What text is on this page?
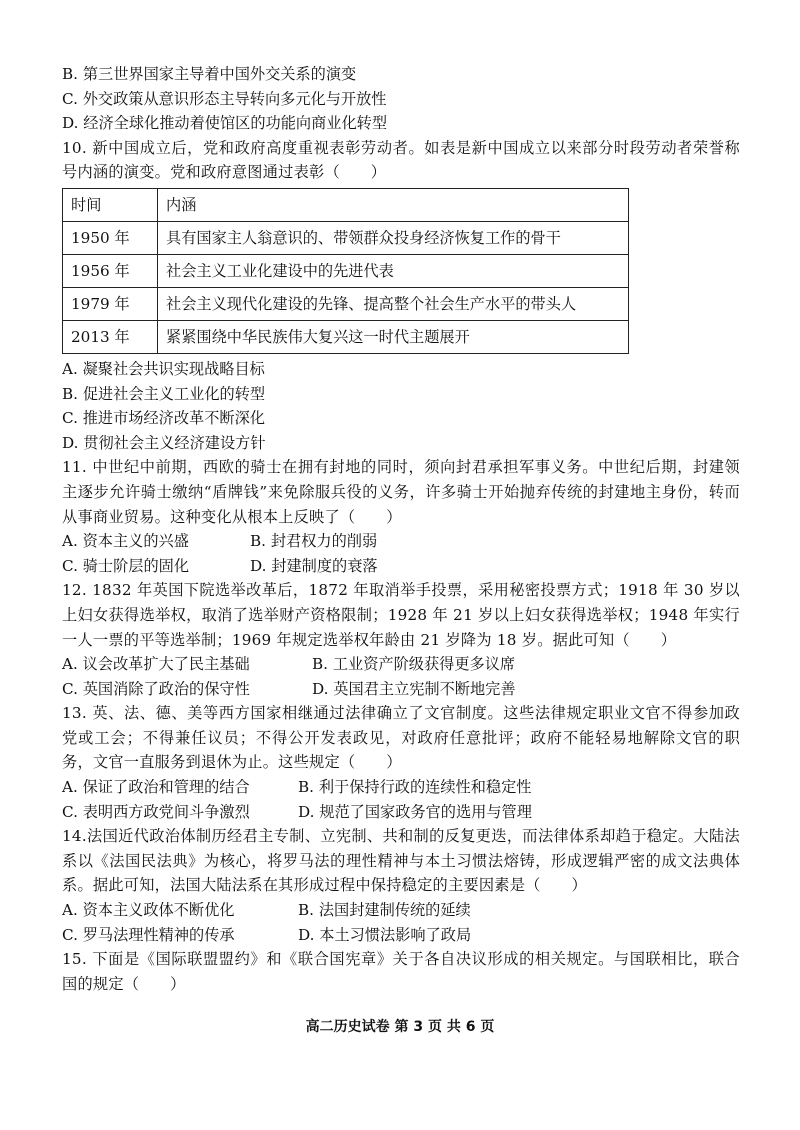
B. 第三世界国家主导着中国外交关系的演变
C. 外交政策从意识形态主导转向多元化与开放性
D. 经济全球化推动着使馆区的功能向商业化转型
10. 新中国成立后，党和政府高度重视表彰劳动者。如表是新中国成立以来部分时段劳动者荣誉称号内涵的演变。党和政府意图通过表彰（　　）
时间	内涵
1950 年	具有国家主人翁意识的、带领群众投身经济恢复工作的骨干
1956 年	社会主义工业化建设中的先进代表
1979 年	社会主义现代化建设的先锋、提高整个社会生产水平的带头人
2013 年	紧紧围绕中华民族伟大复兴这一时代主题展开
A. 凝聚社会共识实现战略目标
B. 促进社会主义工业化的转型
C. 推进市场经济改革不断深化
D. 贯彻社会主义经济建设方针
11. 中世纪中前期，西欧的骑士在拥有封地的同时，须向封君承担军事义务。中世纪后期，封建领主逐步允许骑士缴纳“盾牌钱”来免除服兵役的义务，许多骑士开始抛弃传统的封建地主身份，转而从事商业贸易。这种变化从根本上反映了（　　）
A. 资本主义的兴盛	B. 封君权力的削弱
C. 骑士阶层的固化	D. 封建制度的衰落
12. 1832 年英国下院选举改革后，1872 年取消举手投票，采用秘密投票方式；1918 年 30 岁以上妇女获得选举权，取消了选举财产资格限制；1928 年 21 岁以上妇女获得选举权；1948 年实行一人一票的平等选举制；1969 年规定选举权年龄由 21 岁降为 18 岁。据此可知（　　）
A. 议会改革扩大了民主基础	B. 工业资产阶级获得更多议席
C. 英国消除了政治的保守性	D. 英国君主立宪制不断地完善
13. 英、法、德、美等西方国家相继通过法律确立了文官制度。这些法律规定职业文官不得参加政党或工会；不得兼任议员；不得公开发表政见，对政府任意批评；政府不能轻易地解除文官的职务，文官一直服务到退休为止。这些规定（　　）
A. 保证了政治和管理的结合	B. 利于保持行政的连续性和稳定性
C. 表明西方政党间斗争激烈	D. 规范了国家政务官的选用与管理
14.法国近代政治体制历经君主专制、立宪制、共和制的反复更迭，而法律体系却趋于稳定。大陆法系以《法国民法典》为核心，将罗马法的理性精神与本土习惯法熔铸，形成逻辑严密的成文法典体系。据此可知，法国大陆法系在其形成过程中保持稳定的主要因素是（　　）
A. 资本主义政体不断优化	B. 法国封建制传统的延续
C. 罗马法理性精神的传承	D. 本土习惯法影响了政局
15. 下面是《国际联盟盟约》和《联合国宪章》关于各自决议形成的相关规定。与国联相比，联合国的规定（　　）
高二历史试卷 第 3 页 共 6 页
